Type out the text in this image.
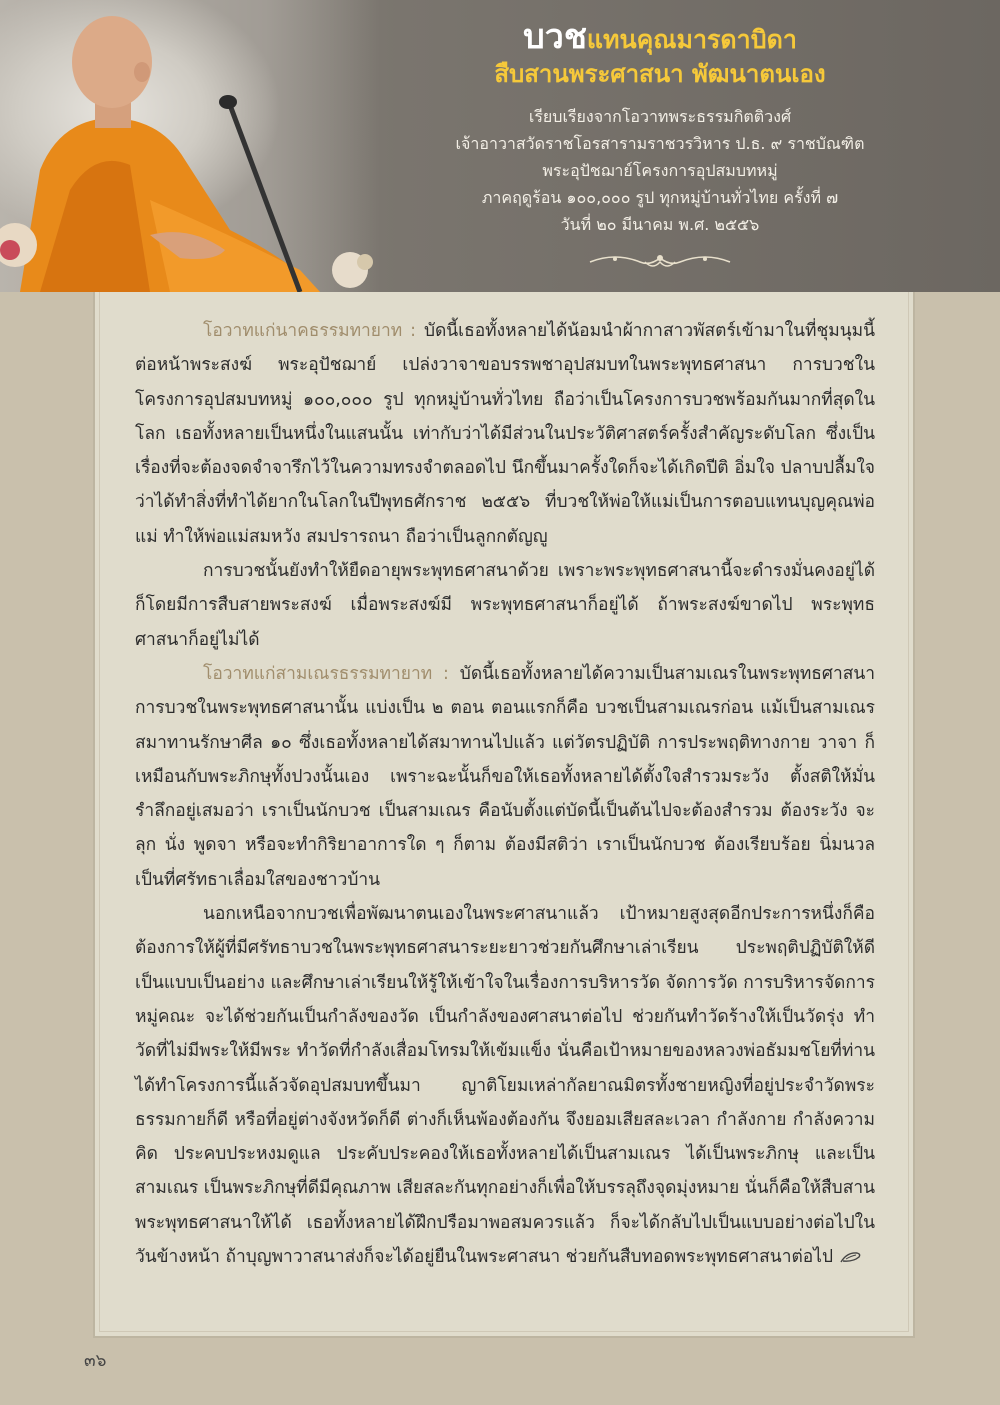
บวชแทนคุณมารดาบิดา
สืบสานพระศาสนา พัฒนาตนเอง
เรียบเรียงจากโอวาทพระธรรมกิตติวงศ์
เจ้าอาวาสวัดราชโอรสารามราชวรวิหาร ป.ธ. ๙ ราชบัณฑิต
พระอุปัชฌาย์โครงการอุปสมบทหมู่
ภาคฤดูร้อน ๑๐๐,๐๐๐ รูป ทุกหมู่บ้านทั่วไทย ครั้งที่ ๗
วันที่ ๒๐ มีนาคม พ.ศ. ๒๕๕๖

โอวาทแก่นาคธรรมทายาท : บัดนี้เธอทั้งหลายได้น้อมนำผ้ากาสาวพัสตร์เข้ามาในที่ชุมนุมนี้ ต่อหน้าพระสงฆ์ พระอุปัชฌาย์ เปล่งวาจาขอบรรพชาอุปสมบทในพระพุทธศาสนา การบวชในโครงการอุปสมบทหมู่ ๑๐๐,๐๐๐ รูป ทุกหมู่บ้านทั่วไทย ถือว่าเป็นโครงการบวชพร้อมกันมากที่สุดในโลก เธอทั้งหลายเป็นหนึ่งในแสนนั้น เท่ากับว่าได้มีส่วนในประวัติศาสตร์ครั้งสำคัญระดับโลก ซึ่งเป็นเรื่องที่จะต้องจดจำจารึกไว้ในความทรงจำตลอดไป นึกขึ้นมาครั้งใดก็จะได้เกิดปีติ อิ่มใจ ปลาบปลื้มใจ ว่าได้ทำสิ่งที่ทำได้ยากในโลกในปีพุทธศักราช ๒๕๕๖ ที่บวชให้พ่อให้แม่เป็นการตอบแทนบุญคุณพ่อแม่ ทำให้พ่อแม่สมหวัง สมปรารถนา ถือว่าเป็นลูกกตัญญู

การบวชนั้นยังทำให้ยืดอายุพระพุทธศาสนาด้วย เพราะพระพุทธศาสนานี้จะดำรงมั่นคงอยู่ได้ก็โดยมีการสืบสายพระสงฆ์ เมื่อพระสงฆ์มี พระพุทธศาสนาก็อยู่ได้ ถ้าพระสงฆ์ขาดไป พระพุทธศาสนาก็อยู่ไม่ได้

โอวาทแก่สามเณรธรรมทายาท : บัดนี้เธอทั้งหลายได้ความเป็นสามเณรในพระพุทธศาสนา การบวชในพระพุทธศาสนานั้น แบ่งเป็น ๒ ตอน ตอนแรกก็คือ บวชเป็นสามเณรก่อน แม้เป็นสามเณรสมาทานรักษาศีล ๑๐ ซึ่งเธอทั้งหลายได้สมาทานไปแล้ว แต่วัตรปฏิบัติ การประพฤติทางกาย วาจา ก็เหมือนกับพระภิกษุทั้งปวงนั้นเอง เพราะฉะนั้นก็ขอให้เธอทั้งหลายได้ตั้งใจสำรวมระวัง ตั้งสติให้มั่น รำลึกอยู่เสมอว่า เราเป็นนักบวช เป็นสามเณร คือนับตั้งแต่บัดนี้เป็นต้นไปจะต้องสำรวม ต้องระวัง จะลุก นั่ง พูดจา หรือจะทำกิริยาอาการใด ๆ ก็ตาม ต้องมีสติว่า เราเป็นนักบวช ต้องเรียบร้อย นิ่มนวล เป็นที่ศรัทธาเลื่อมใสของชาวบ้าน

นอกเหนือจากบวชเพื่อพัฒนาตนเองในพระศาสนาแล้ว เป้าหมายสูงสุดอีกประการหนึ่งก็คือ ต้องการให้ผู้ที่มีศรัทธาบวชในพระพุทธศาสนาระยะยาวช่วยกันศึกษาเล่าเรียน ประพฤติปฏิบัติให้ดี เป็นแบบเป็นอย่าง และศึกษาเล่าเรียนให้รู้ให้เข้าใจในเรื่องการบริหารวัด จัดการวัด การบริหารจัดการหมู่คณะ จะได้ช่วยกันเป็นกำลังของวัด เป็นกำลังของศาสนาต่อไป ช่วยกันทำวัดร้างให้เป็นวัดรุ่ง ทำวัดที่ไม่มีพระให้มีพระ ทำวัดที่กำลังเสื่อมโทรมให้เข้มแข็ง นั่นคือเป้าหมายของหลวงพ่อธัมมชโยที่ท่านได้ทำโครงการนี้แล้วจัดอุปสมบทขึ้นมา ญาติโยมเหล่ากัลยาณมิตรทั้งชายหญิงที่อยู่ประจำวัดพระธรรมกายก็ดี หรือที่อยู่ต่างจังหวัดก็ดี ต่างก็เห็นพ้องต้องกัน จึงยอมเสียสละเวลา กำลังกาย กำลังความคิด ประคบประหงมดูแล ประคับประคองให้เธอทั้งหลายได้เป็นสามเณร ได้เป็นพระภิกษุ และเป็นสามเณร เป็นพระภิกษุที่ดีมีคุณภาพ เสียสละกันทุกอย่างก็เพื่อให้บรรลุถึงจุดมุ่งหมาย นั่นก็คือให้สืบสานพระพุทธศาสนาให้ได้ เธอทั้งหลายได้ฝึกปรือมาพอสมควรแล้ว ก็จะได้กลับไปเป็นแบบอย่างต่อไปในวันข้างหน้า ถ้าบุญพาวาสนาส่งก็จะได้อยู่ยืนในพระศาสนา ช่วยกันสืบทอดพระพุทธศาสนาต่อไป

๓๖
